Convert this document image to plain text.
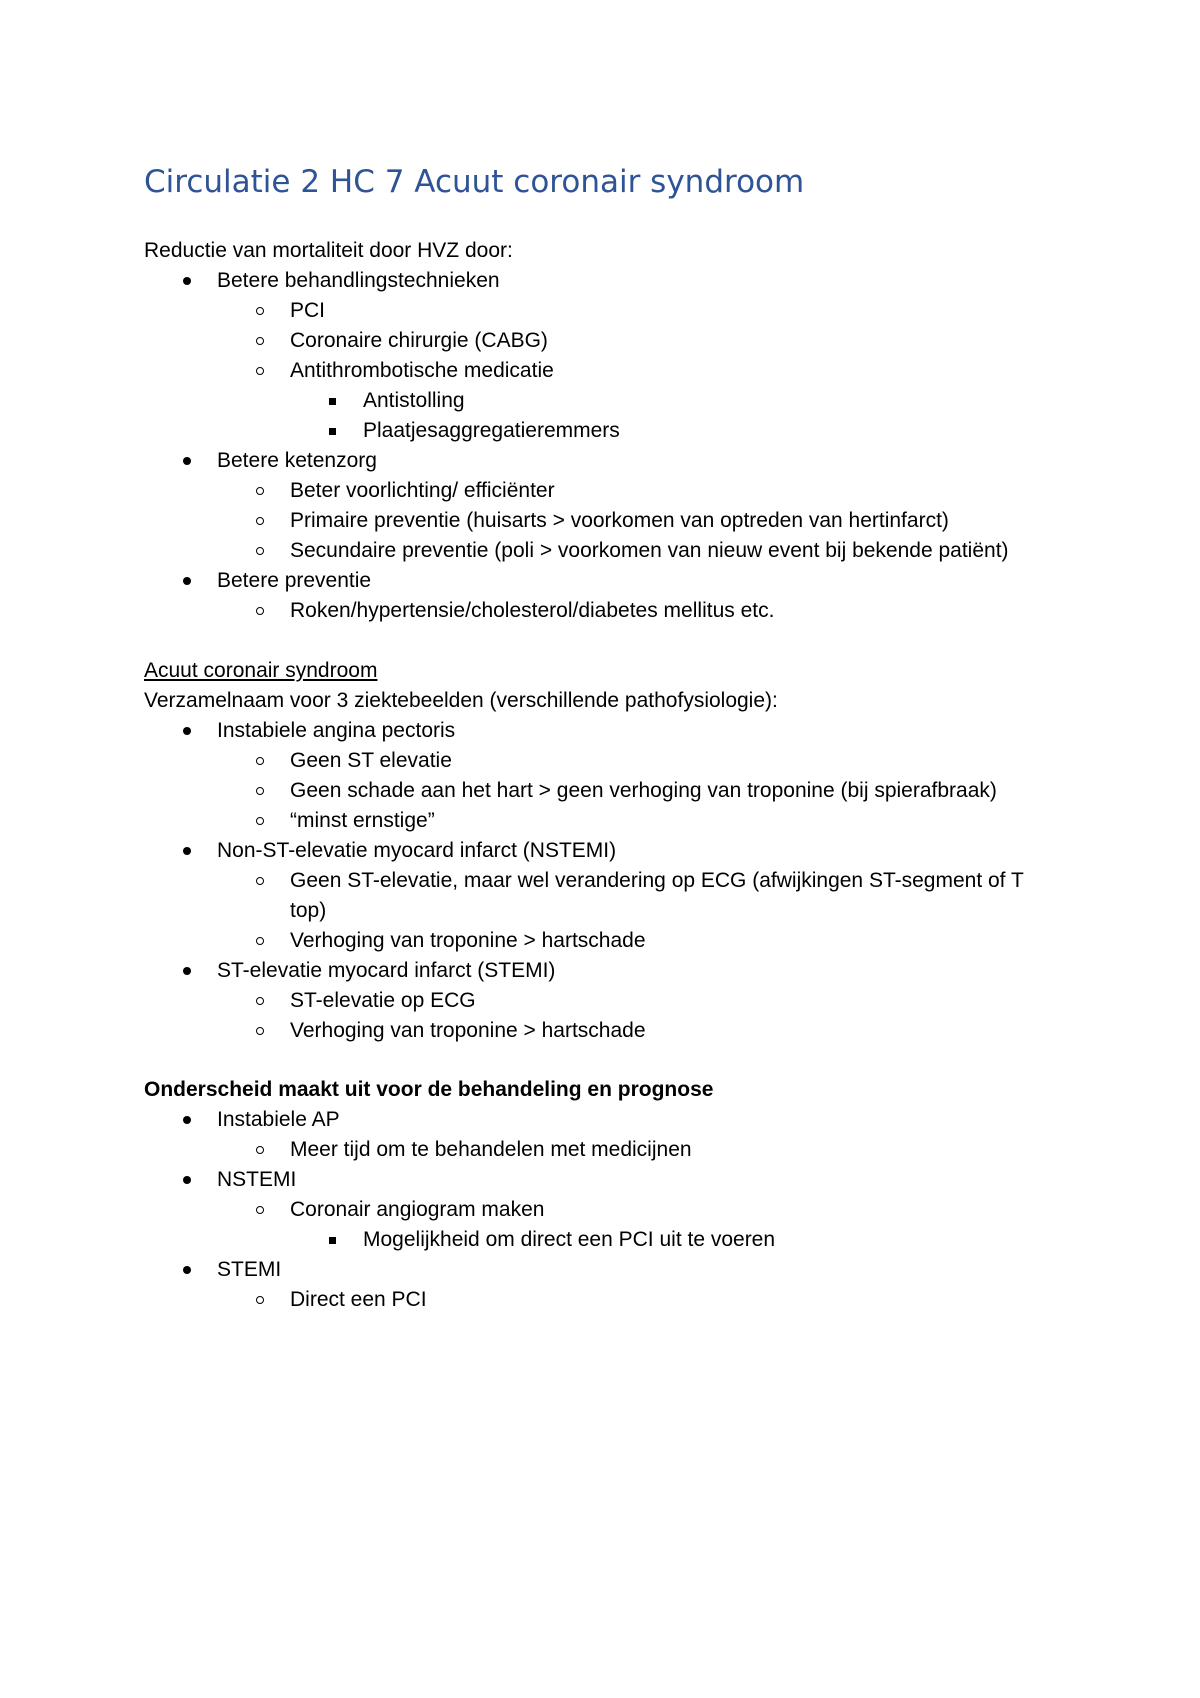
Circulatie 2 HC 7 Acuut coronair syndroom
Reductie van mortaliteit door HVZ door:
Betere behandlingstechnieken
PCI
Coronaire chirurgie (CABG)
Antithrombotische medicatie
Antistolling
Plaatjesaggregatieremmers
Betere ketenzorg
Beter voorlichting/ efficiënter
Primaire preventie (huisarts > voorkomen van optreden van hertinfarct)
Secundaire preventie (poli > voorkomen van nieuw event bij bekende patiënt)
Betere preventie
Roken/hypertensie/cholesterol/diabetes mellitus etc.
Acuut coronair syndroom
Verzamelnaam voor 3 ziektebeelden (verschillende pathofysiologie):
Instabiele angina pectoris
Geen ST elevatie
Geen schade aan het hart > geen verhoging van troponine (bij spierafbraak)
“minst ernstige”
Non-ST-elevatie myocard infarct (NSTEMI)
Geen ST-elevatie, maar wel verandering op ECG (afwijkingen ST-segment of T
top)
Verhoging van troponine > hartschade
ST-elevatie myocard infarct (STEMI)
ST-elevatie op ECG
Verhoging van troponine > hartschade
Onderscheid maakt uit voor de behandeling en prognose
Instabiele AP
Meer tijd om te behandelen met medicijnen
NSTEMI
Coronair angiogram maken
Mogelijkheid om direct een PCI uit te voeren
STEMI
Direct een PCI
